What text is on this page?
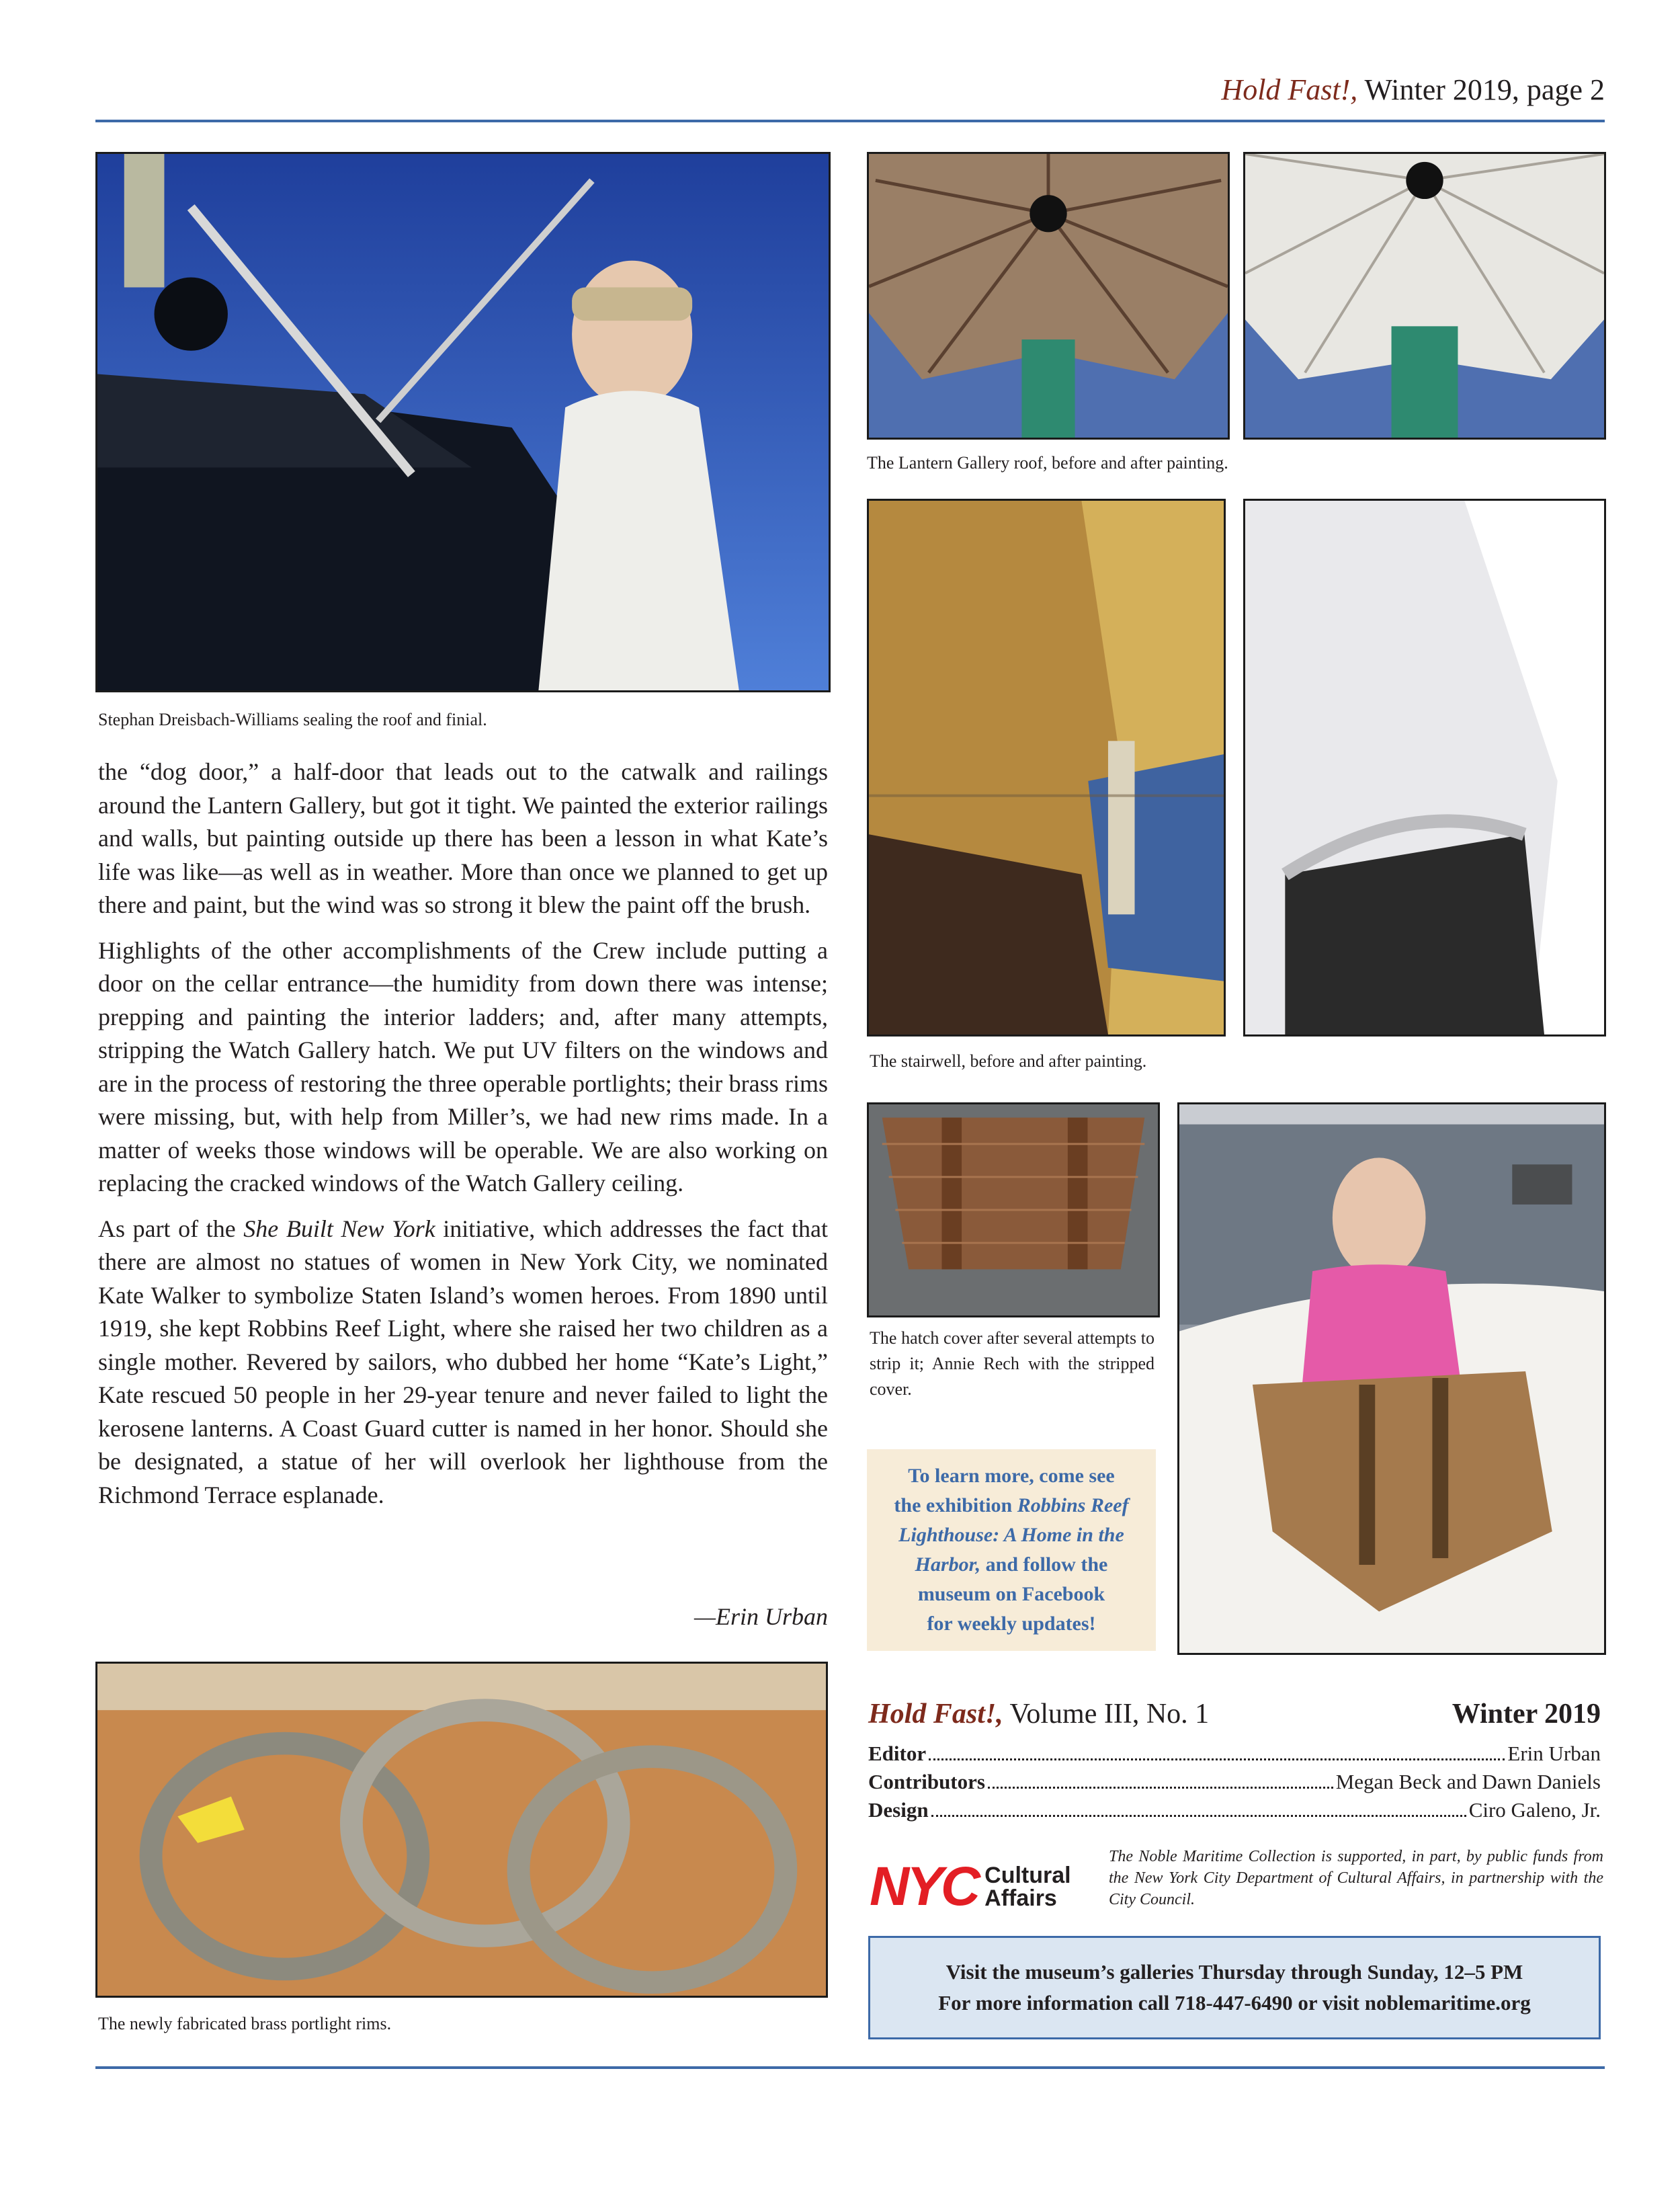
Hold Fast!, Winter 2019, page 2
Stephan Dreisbach-Williams sealing the roof and finial.
The Lantern Gallery roof, before and after painting.
The stairwell, before and after painting.
The hatch cover after several attempts to strip it; Annie Rech with the stripped cover.

the “dog door,” a half-door that leads out to the catwalk and railings around the Lantern Gallery, but got it tight. We painted the exterior railings and walls, but painting outside up there has been a lesson in what Kate’s life was like—as well as in weather. More than once we planned to get up there and paint, but the wind was so strong it blew the paint off the brush.

Highlights of the other accomplishments of the Crew include putting a door on the cellar entrance—the humidity from down there was intense; prepping and painting the interior ladders; and, after many attempts, stripping the Watch Gallery hatch. We put UV filters on the windows and are in the process of restoring the three operable portlights; their brass rims were missing, but, with help from Miller’s, we had new rims made. In a matter of weeks those windows will be operable. We are also working on replacing the cracked windows of the Watch Gallery ceiling.

As part of the She Built New York initiative, which addresses the fact that there are almost no statues of women in New York City, we nominated Kate Walker to symbolize Staten Island’s women heroes. From 1890 until 1919, she kept Robbins Reef Light, where she raised her two children as a single mother. Revered by sailors, who dubbed her home “Kate’s Light,” Kate rescued 50 people in her 29-year tenure and never failed to light the kerosene lanterns. A Coast Guard cutter is named in her honor. Should she be designated, a statue of her will overlook her lighthouse from the Richmond Terrace esplanade.

—Erin Urban
To learn more, come see
the exhibition Robbins Reef
Lighthouse: A Home in the
Harbor, and follow the
museum on Facebook
for weekly updates!
The newly fabricated brass portlight rims.
Hold Fast!, Volume III, No. 1	Winter 2019
Editor	Erin Urban
Contributors	Megan Beck and Dawn Daniels
Design	Ciro Galeno, Jr.
NYC Cultural
Affairs
The Noble Maritime Collection is supported, in part, by public funds from the New York City Department of Cultural Affairs, in partnership with the City Council.
Visit the museum’s galleries Thursday through Sunday, 12–5 PM
For more information call 718-447-6490 or visit noblemaritime.org
